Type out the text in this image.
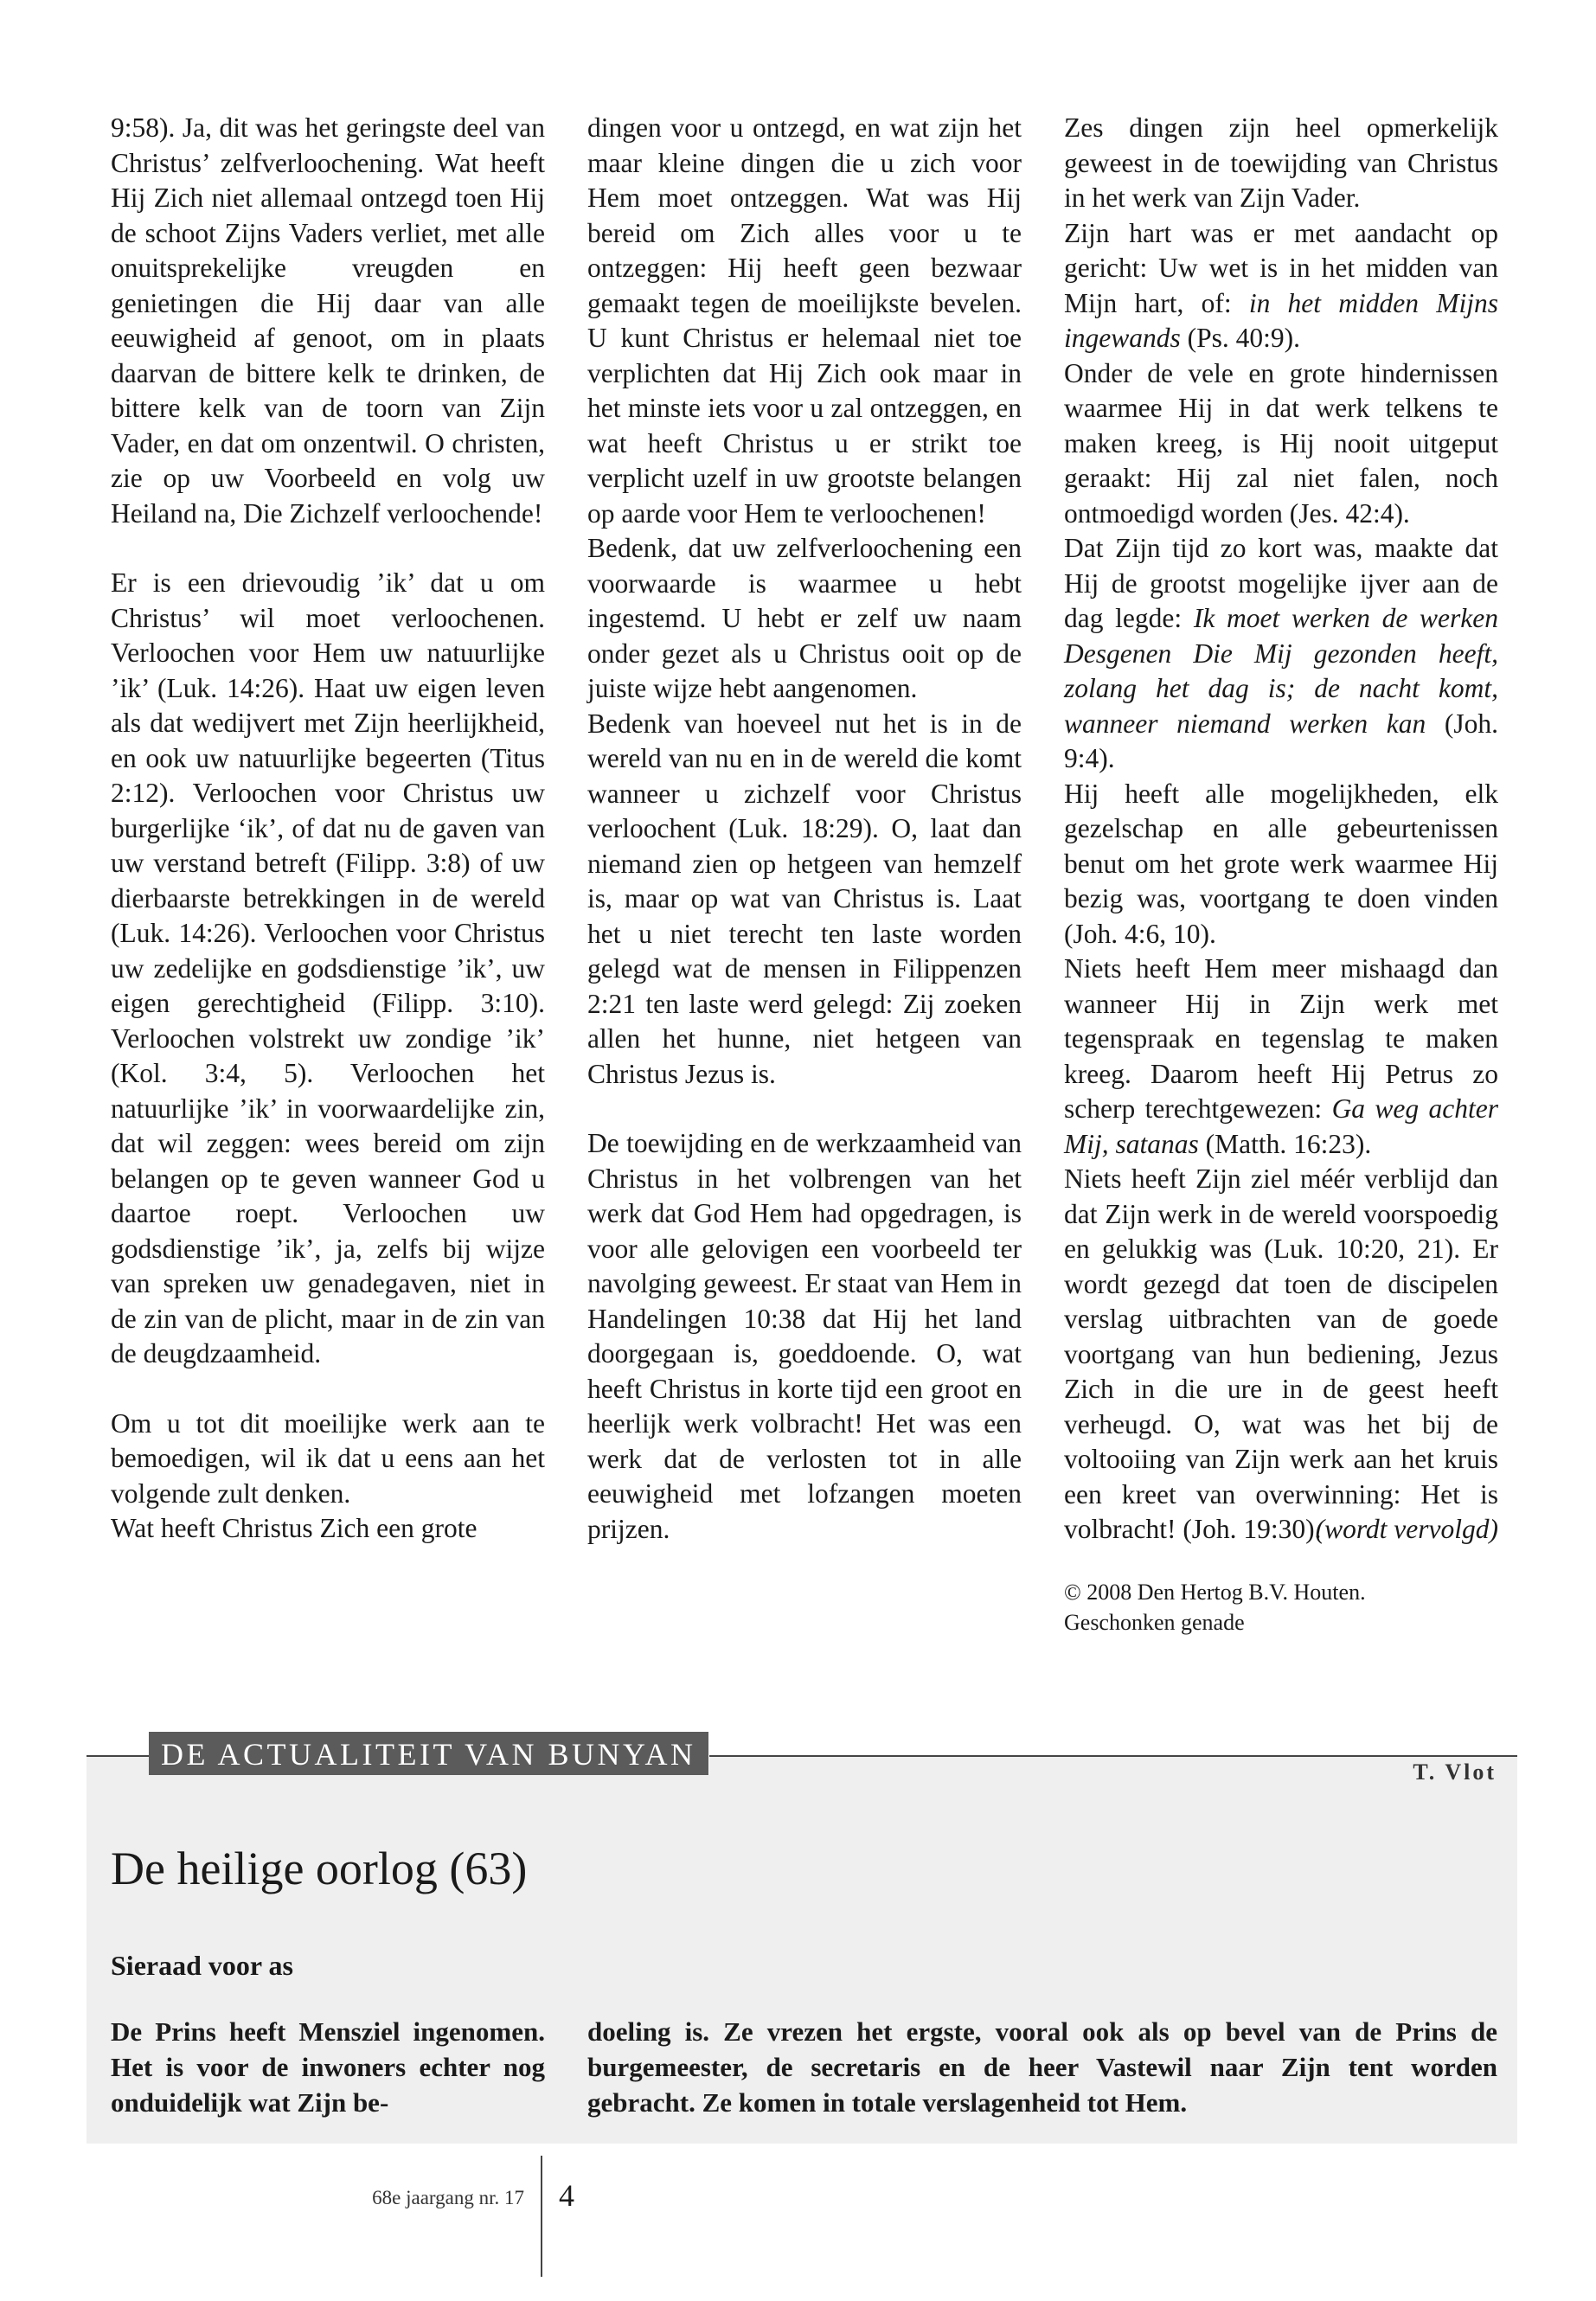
9:58). Ja, dit was het geringste deel van Christus’ zelfverloochening. Wat heeft Hij Zich niet allemaal ontzegd toen Hij de schoot Zijns Vaders verliet, met alle onuitsprekelijke vreugden en genietingen die Hij daar van alle eeuwigheid af genoot, om in plaats daarvan de bittere kelk te drinken, de bittere kelk van de toorn van Zijn Vader, en dat om onzentwil. O christen, zie op uw Voorbeeld en volg uw Heiland na, Die Zichzelf verloochende!

Er is een drievoudig ’ik’ dat u om Christus’ wil moet verloochenen. Verloochen voor Hem uw natuurlijke ’ik’ (Luk. 14:26). Haat uw eigen leven als dat wedijvert met Zijn heerlijkheid, en ook uw natuurlijke begeerten (Titus 2:12). Verloochen voor Christus uw burgerlijke ‘ik’, of dat nu de gaven van uw verstand betreft (Filipp. 3:8) of uw dierbaarste betrekkingen in de wereld (Luk. 14:26). Verloochen voor Christus uw zedelijke en godsdienstige ’ik’, uw eigen gerechtigheid (Filipp. 3:10). Verloochen volstrekt uw zondige ’ik’ (Kol. 3:4, 5). Verloochen het natuurlijke ’ik’ in voorwaardelijke zin, dat wil zeggen: wees bereid om zijn belangen op te geven wanneer God u daartoe roept. Verloochen uw godsdienstige ’ik’, ja, zelfs bij wijze van spreken uw genadegaven, niet in de zin van de plicht, maar in de zin van de deugdzaamheid.

Om u tot dit moeilijke werk aan te bemoedigen, wil ik dat u eens aan het volgende zult denken.

Wat heeft Christus Zich een grote

dingen voor u ontzegd, en wat zijn het maar kleine dingen die u zich voor Hem moet ontzeggen. Wat was Hij bereid om Zich alles voor u te ontzeggen: Hij heeft geen bezwaar gemaakt tegen de moeilijkste bevelen. U kunt Christus er helemaal niet toe verplichten dat Hij Zich ook maar in het minste iets voor u zal ontzeggen, en wat heeft Christus u er strikt toe verplicht uzelf in uw grootste belangen op aarde voor Hem te verloochenen!

Bedenk, dat uw zelfverloochening een voorwaarde is waarmee u hebt ingestemd. U hebt er zelf uw naam onder gezet als u Christus ooit op de juiste wijze hebt aangenomen.

Bedenk van hoeveel nut het is in de wereld van nu en in de wereld die komt wanneer u zichzelf voor Christus verloochent (Luk. 18:29). O, laat dan niemand zien op hetgeen van hemzelf is, maar op wat van Christus is. Laat het u niet terecht ten laste worden gelegd wat de mensen in Filippenzen 2:21 ten laste werd gelegd: Zij zoeken allen het hunne, niet hetgeen van Christus Jezus is.

De toewijding en de werkzaamheid van Christus in het volbrengen van het werk dat God Hem had opgedragen, is voor alle gelovigen een voorbeeld ter navolging geweest. Er staat van Hem in Handelingen 10:38 dat Hij het land doorgegaan is, goeddoende. O, wat heeft Christus in korte tijd een groot en heerlijk werk volbracht! Het was een werk dat de verlosten tot in alle eeuwigheid met lofzangen moeten prijzen.

Zes dingen zijn heel opmerkelijk geweest in de toewijding van Christus in het werk van Zijn Vader.

Zijn hart was er met aandacht op gericht: Uw wet is in het midden van Mijn hart, of: in het midden Mijns ingewands (Ps. 40:9).

Onder de vele en grote hindernissen waarmee Hij in dat werk telkens te maken kreeg, is Hij nooit uitgeput geraakt: Hij zal niet falen, noch ontmoedigd worden (Jes. 42:4).

Dat Zijn tijd zo kort was, maakte dat Hij de grootst mogelijke ijver aan de dag legde: Ik moet werken de werken Desgenen Die Mij gezonden heeft, zolang het dag is; de nacht komt, wanneer niemand werken kan (Joh. 9:4).

Hij heeft alle mogelijkheden, elk gezelschap en alle gebeurtenissen benut om het grote werk waarmee Hij bezig was, voortgang te doen vinden (Joh. 4:6, 10).

Niets heeft Hem meer mishaagd dan wanneer Hij in Zijn werk met tegenspraak en tegenslag te maken kreeg. Daarom heeft Hij Petrus zo scherp terechtgewezen: Ga weg achter Mij, satanas (Matth. 16:23).

Niets heeft Zijn ziel méér verblijd dan dat Zijn werk in de wereld voorspoedig en gelukkig was (Luk. 10:20, 21). Er wordt gezegd dat toen de discipelen verslag uitbrachten van de goede voortgang van hun bediening, Jezus Zich in die ure in de geest heeft verheugd. O, wat was het bij de voltooiing van Zijn werk aan het kruis een kreet van overwinning: Het is volbracht! (Joh. 19:30).
(wordt vervolgd)

© 2008 Den Hertog B.V. Houten.
Geschonken genade
DE ACTUALITEIT VAN BUNYAN
T. Vlot
De heilige oorlog (63)
Sieraad voor as
De Prins heeft Mensziel ingenomen. Het is voor de inwoners echter nog onduidelijk wat Zijn be-
doeling is. Ze vrezen het ergste, vooral ook als op bevel van de Prins de burgemeester, de secretaris en de heer Vastewil naar Zijn tent worden gebracht. Ze komen in totale verslagenheid tot Hem.
68e jaargang nr. 17 4
